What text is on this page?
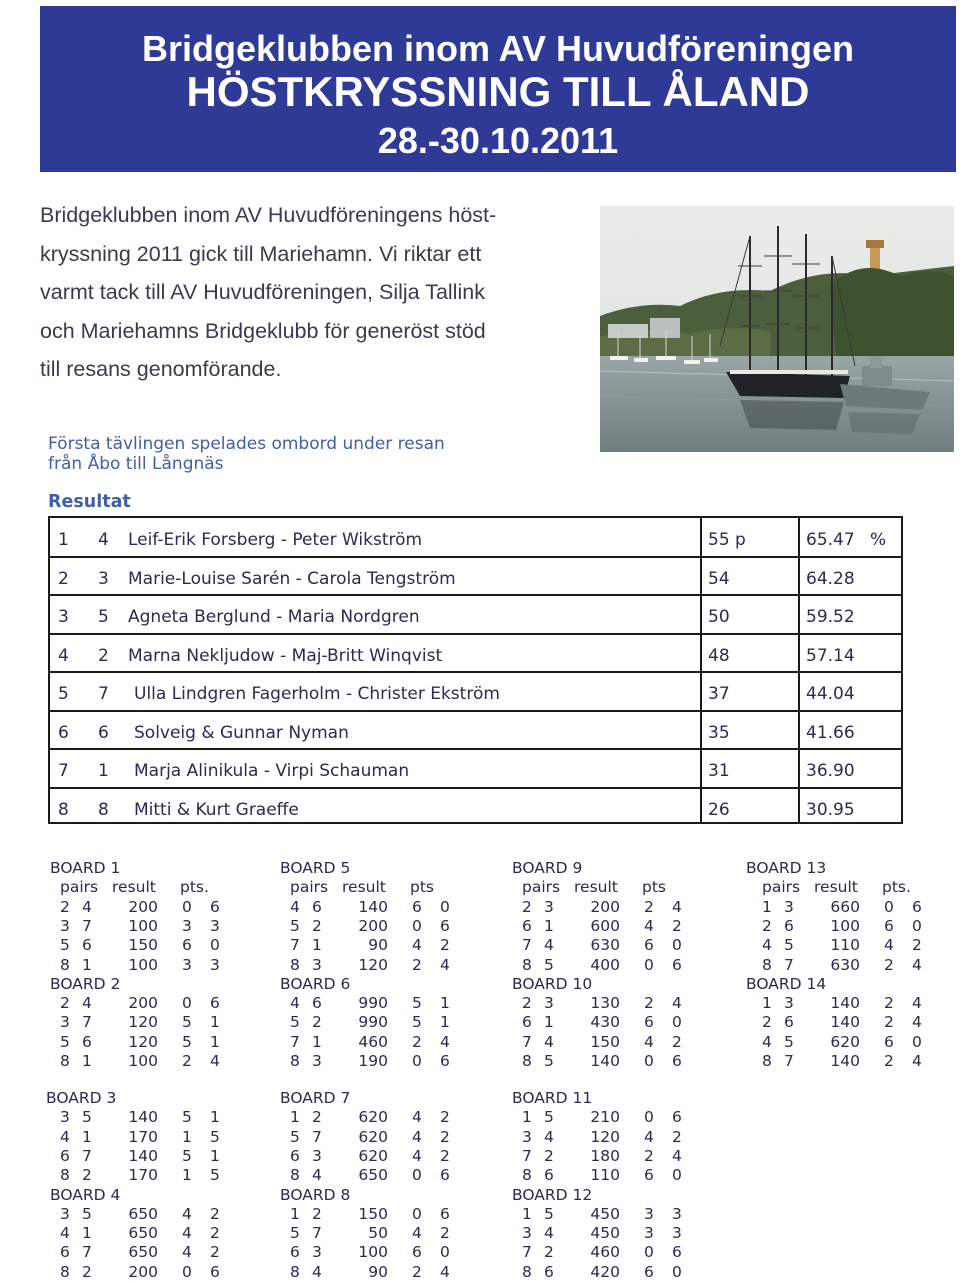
Bridgeklubben inom AV Huvudföreningen
HÖSTKRYSSNING TILL ÅLAND
28.-30.10.2011
Bridgeklubben inom AV Huvudföreningens höst-
kryssning 2011 gick till Mariehamn. Vi riktar ett
varmt tack till AV Huvudföreningen, Silja Tallink
och Mariehamns Bridgeklubb för generöst stöd
till resans genomförande.
Första tävlingen spelades ombord under resan
från Åbo till Långnäs
Resultat
1 4 Leif-Erik Forsberg - Peter Wikström	55 p	65.47 %
2 3 Marie-Louise Sarén - Carola Tengström	54	64.28
3 5 Agneta Berglund - Maria Nordgren	50	59.52
4 2 Marna Nekljudow - Maj-Britt Winqvist	48	57.14
5 7 Ulla Lindgren Fagerholm - Christer Ekström	37	44.04
6 6 Solveig & Gunnar Nyman	35	41.66
7 1 Marja Alinikula - Virpi Schauman	31	36.90
8 8 Mitti & Kurt Graeffe	26	30.95
BOARD 1
pairs result pts.
2 4	200 0 6
3 7	100 3 3
5 6	150 6 0
8 1	100 3 3
BOARD 2
2 4	200 0 6
3 7	120 5 1
5 6	120 5 1
8 1	100 2 4
BOARD 3
3 5	140 5 1
4 1	170 1 5
6 7	140 5 1
8 2	170 1 5
BOARD 4
3 5	650 4 2
4 1	650 4 2
6 7	650 4 2
8 2	200 0 6
BOARD 5
pairs result pts
4 6	140 6 0
5 2	200 0 6
7 1	90 4 2
8 3	120 2 4
BOARD 6
4 6	990 5 1
5 2	990 5 1
7 1	460 2 4
8 3	190 0 6
BOARD 7
1 2	620 4 2
5 7	620 4 2
6 3	620 4 2
8 4	650 0 6
BOARD 8
1 2	150 0 6
5 7	50 4 2
6 3	100 6 0
8 4	90 2 4
BOARD 9
pairs result pts
2 3	200 2 4
6 1	600 4 2
7 4	630 6 0
8 5	400 0 6
BOARD 10
2 3	130 2 4
6 1	430 6 0
7 4	150 4 2
8 5	140 0 6
BOARD 11
1 5	210 0 6
3 4	120 4 2
7 2	180 2 4
8 6	110 6 0
BOARD 12
1 5	450 3 3
3 4	450 3 3
7 2	460 0 6
8 6	420 6 0
BOARD 13
pairs result pts.
1 3	660 0 6
2 6	100 6 0
4 5	110 4 2
8 7	630 2 4
BOARD 14
1 3	140 2 4
2 6	140 2 4
4 5	620 6 0
8 7	140 2 4
